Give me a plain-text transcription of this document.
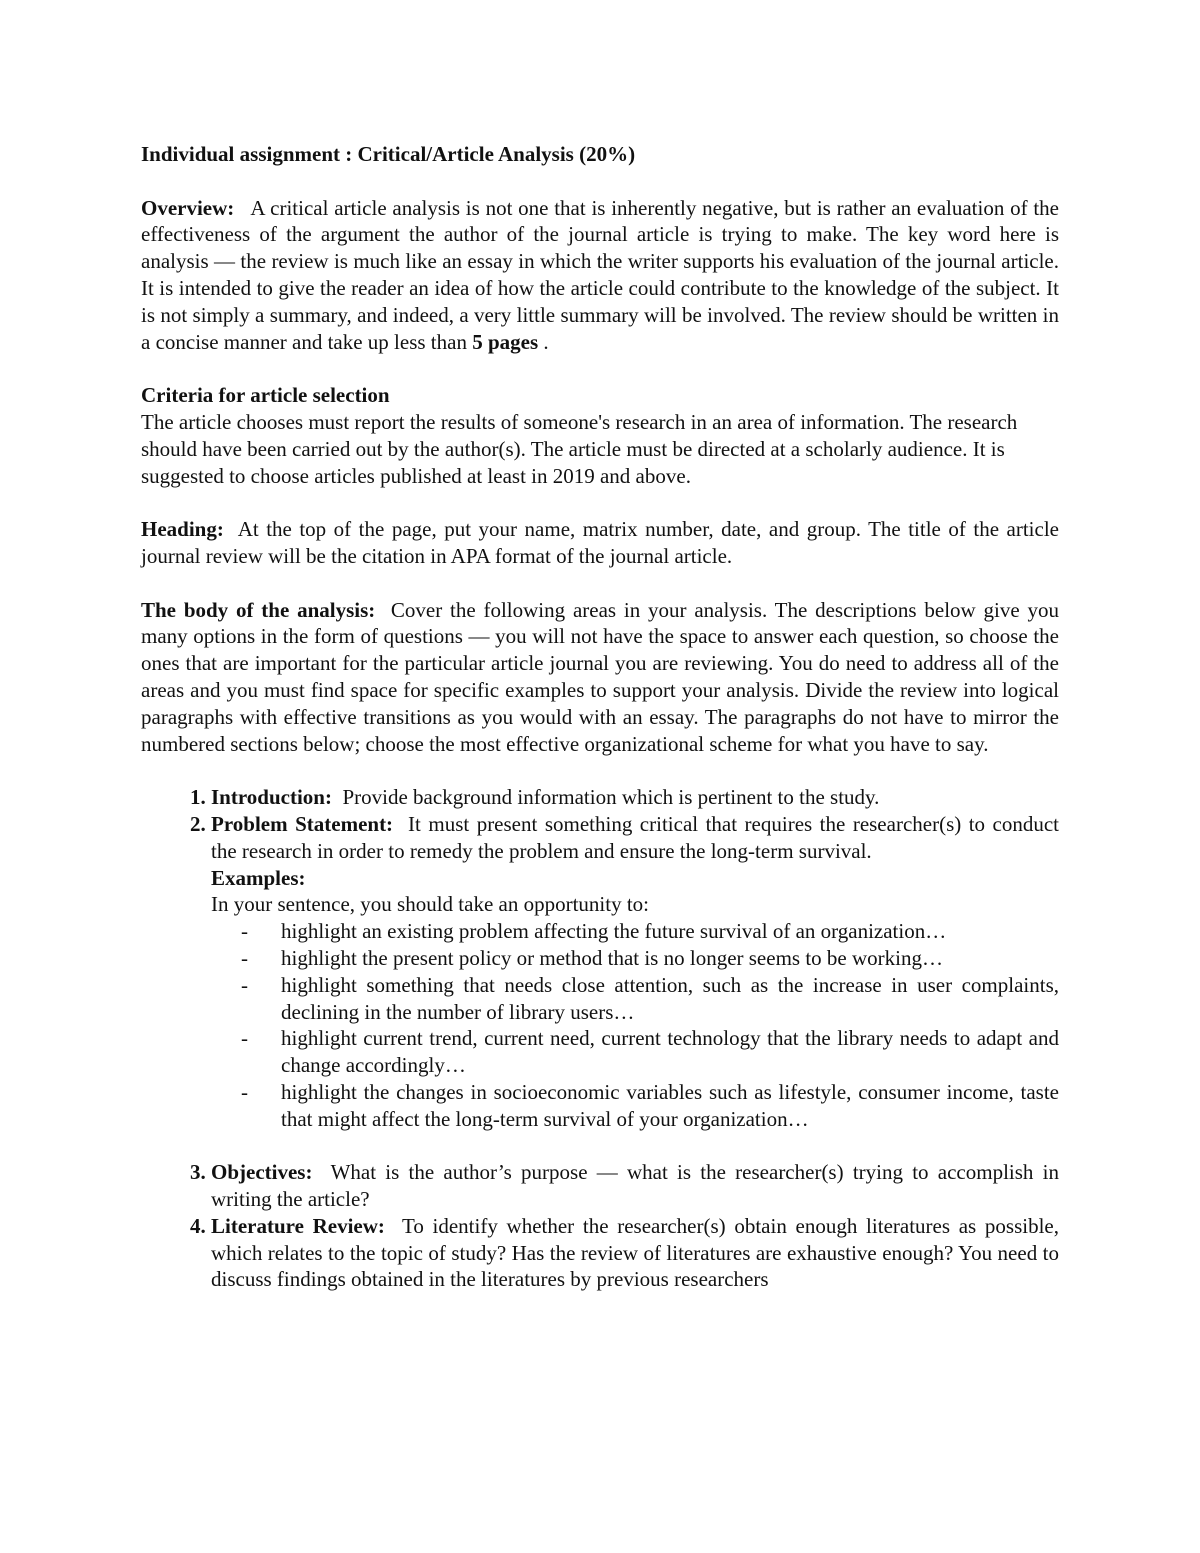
Individual assignment : Critical/Article Analysis (20%)

Overview: A critical article analysis is not one that is inherently negative, but is rather an evaluation of the effectiveness of the argument the author of the journal article is trying to make. The key word here is analysis — the review is much like an essay in which the writer supports his evaluation of the journal article. It is intended to give the reader an idea of how the article could contribute to the knowledge of the subject. It is not simply a summary, and indeed, a very little summary will be involved. The review should be written in a concise manner and take up less than 5 pages .

Criteria for article selection

The article chooses must report the results of someone's research in an area of information. The research should have been carried out by the author(s). The article must be directed at a scholarly audience. It is suggested to choose articles published at least in 2019 and above.

Heading: At the top of the page, put your name, matrix number, date, and group. The title of the article journal review will be the citation in APA format of the journal article.

The body of the analysis: Cover the following areas in your analysis. The descriptions below give you many options in the form of questions — you will not have the space to answer each question, so choose the ones that are important for the particular article journal you are reviewing. You do need to address all of the areas and you must find space for specific examples to support your analysis. Divide the review into logical paragraphs with effective transitions as you would with an essay. The paragraphs do not have to mirror the numbered sections below; choose the most effective organizational scheme for what you have to say.

1. Introduction: Provide background information which is pertinent to the study.
2. Problem Statement: It must present something critical that requires the researcher(s) to conduct the research in order to remedy the problem and ensure the long-term survival.
Examples:
In your sentence, you should take an opportunity to:
- highlight an existing problem affecting the future survival of an organization…
- highlight the present policy or method that is no longer seems to be working…
- highlight something that needs close attention, such as the increase in user complaints, declining in the number of library users…
- highlight current trend, current need, current technology that the library needs to adapt and change accordingly…
- highlight the changes in socioeconomic variables such as lifestyle, consumer income, taste that might affect the long-term survival of your organization…
3. Objectives: What is the author’s purpose — what is the researcher(s) trying to accomplish in writing the article?
4. Literature Review: To identify whether the researcher(s) obtain enough literatures as possible, which relates to the topic of study? Has the review of literatures are exhaustive enough? You need to discuss findings obtained in the literatures by previous researchers
